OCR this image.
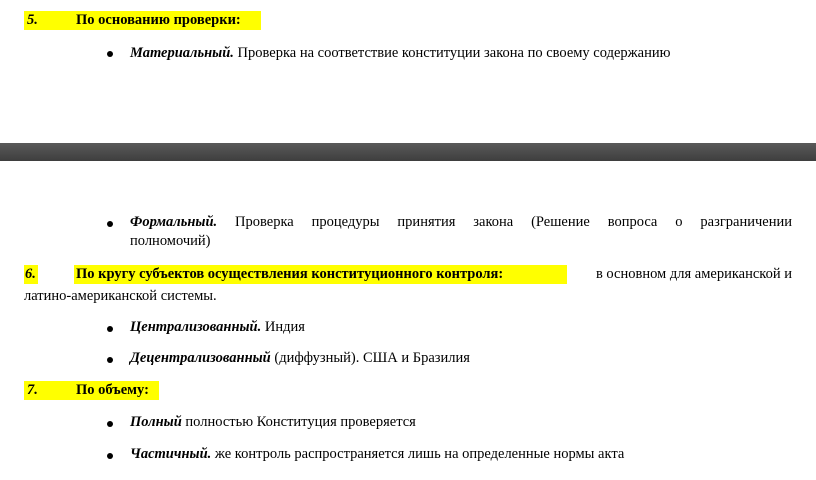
5.	По основанию проверки:
Материальный. Проверка на соответствие конституции закона по своему содержанию
Формальный. Проверка процедуры принятия закона (Решение вопроса о разграничении
полномочий)
6.	По кругу субъектов осуществления конституционного контроля:	в основном для американской и
латино-американской системы.
Централизованный. Индия
Децентрализованный (диффузный). США и Бразилия
7.	По объему:
Полный полностью Конституция проверяется
Частичный. же контроль распространяется лишь на определенные нормы акта
